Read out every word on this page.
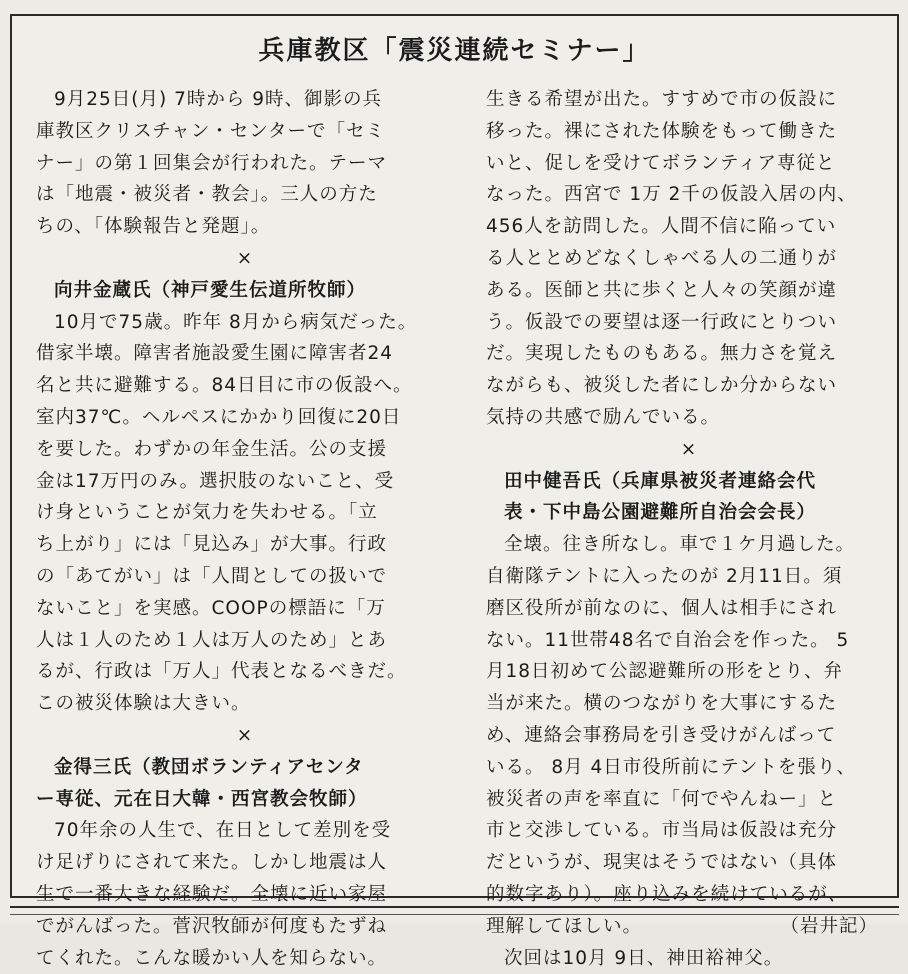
兵庫教区「震災連続セミナー」
9月25日(月) 7時から 9時、御影の兵
庫教区クリスチャン・センターで「セミ
ナー」の第１回集会が行われた。テーマ
は「地震・被災者・教会」。三人の方た
ちの、「体験報告と発題」。
×
向井金蔵氏（神戸愛生伝道所牧師）
10月で75歳。昨年 8月から病気だった。
借家半壊。障害者施設愛生園に障害者24
名と共に避難する。84日目に市の仮設へ。
室内37℃。ヘルペスにかかり回復に20日
を要した。わずかの年金生活。公の支援
金は17万円のみ。選択肢のないこと、受
け身ということが気力を失わせる。「立
ち上がり」には「見込み」が大事。行政
の「あてがい」は「人間としての扱いで
ないこと」を実感。COOPの標語に「万
人は１人のため１人は万人のため」とあ
るが、行政は「万人」代表となるべきだ。
この被災体験は大きい。
×
金得三氏（教団ボランティアセンタ
ー専従、元在日大韓・西宮教会牧師）
70年余の人生で、在日として差別を受
け足げりにされて来た。しかし地震は人
生で一番大きな経験だ。全壊に近い家屋
でがんばった。菅沢牧師が何度もたずね
てくれた。こんな暖かい人を知らない。
生きる希望が出た。すすめで市の仮設に
移った。裸にされた体験をもって働きた
いと、促しを受けてボランティア専従と
なった。西宮で 1万 2千の仮設入居の内、
456人を訪問した。人間不信に陥ってい
る人ととめどなくしゃべる人の二通りが
ある。医師と共に歩くと人々の笑顔が違
う。仮設での要望は逐一行政にとりつい
だ。実現したものもある。無力さを覚え
ながらも、被災した者にしか分からない
気持の共感で励んでいる。
×
田中健吾氏（兵庫県被災者連絡会代
表・下中島公園避難所自治会会長）
全壊。往き所なし。車で１ケ月過した。
自衛隊テントに入ったのが 2月11日。須
磨区役所が前なのに、個人は相手にされ
ない。11世帯48名で自治会を作った。 5
月18日初めて公認避難所の形をとり、弁
当が来た。横のつながりを大事にするた
め、連絡会事務局を引き受けがんばって
いる。 8月 4日市役所前にテントを張り、
被災者の声を率直に「何でやんねー」と
市と交渉している。市当局は仮設は充分
だというが、現実はそうではない（具体
的数字あり）。座り込みを続けているが、
理解してほしい。	（岩井記）
次回は10月 9日、神田裕神父。
